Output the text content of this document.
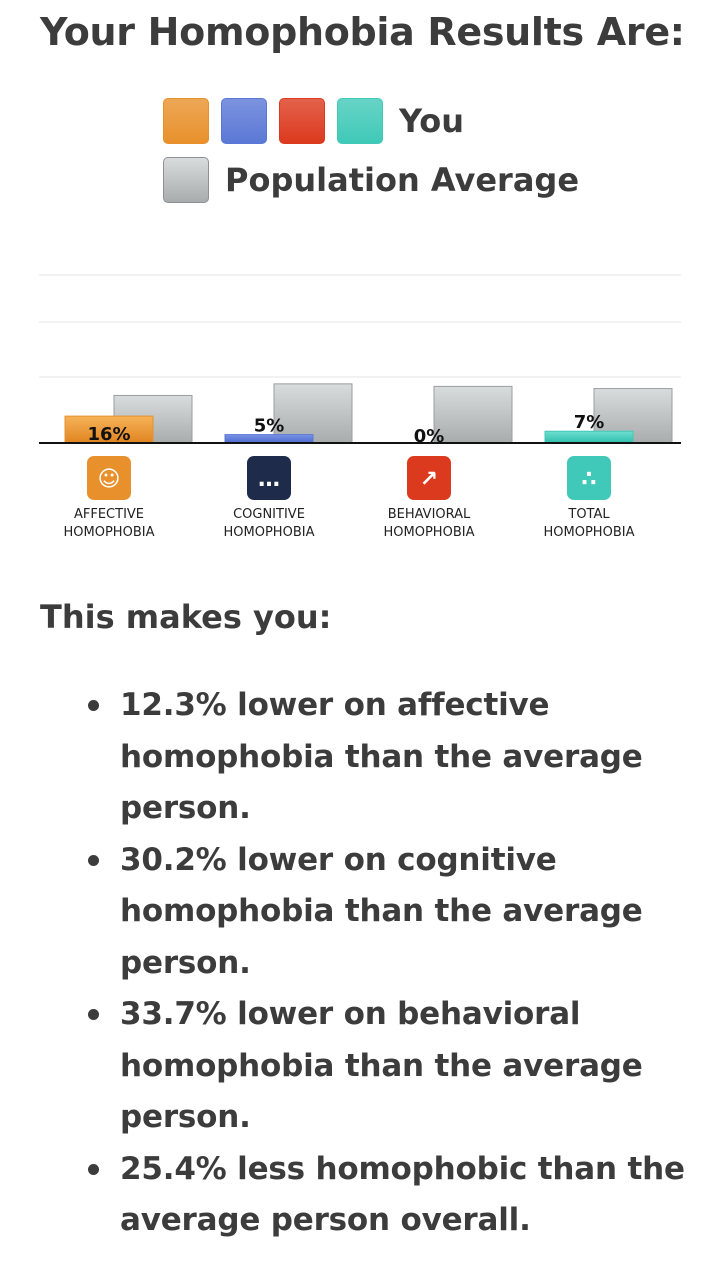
Your Homophobia Results Are:
You
Population Average
16%
☺
AFFECTIVE
HOMOPHOBIA
5%
…
COGNITIVE
HOMOPHOBIA
0%
↗
BEHAVIORAL
HOMOPHOBIA
7%
∴
TOTAL
HOMOPHOBIA
This makes you:
12.3% lower on affective homophobia than the average person.
30.2% lower on cognitive homophobia than the average person.
33.7% lower on behavioral homophobia than the average person.
25.4% less homophobic than the average person overall.
